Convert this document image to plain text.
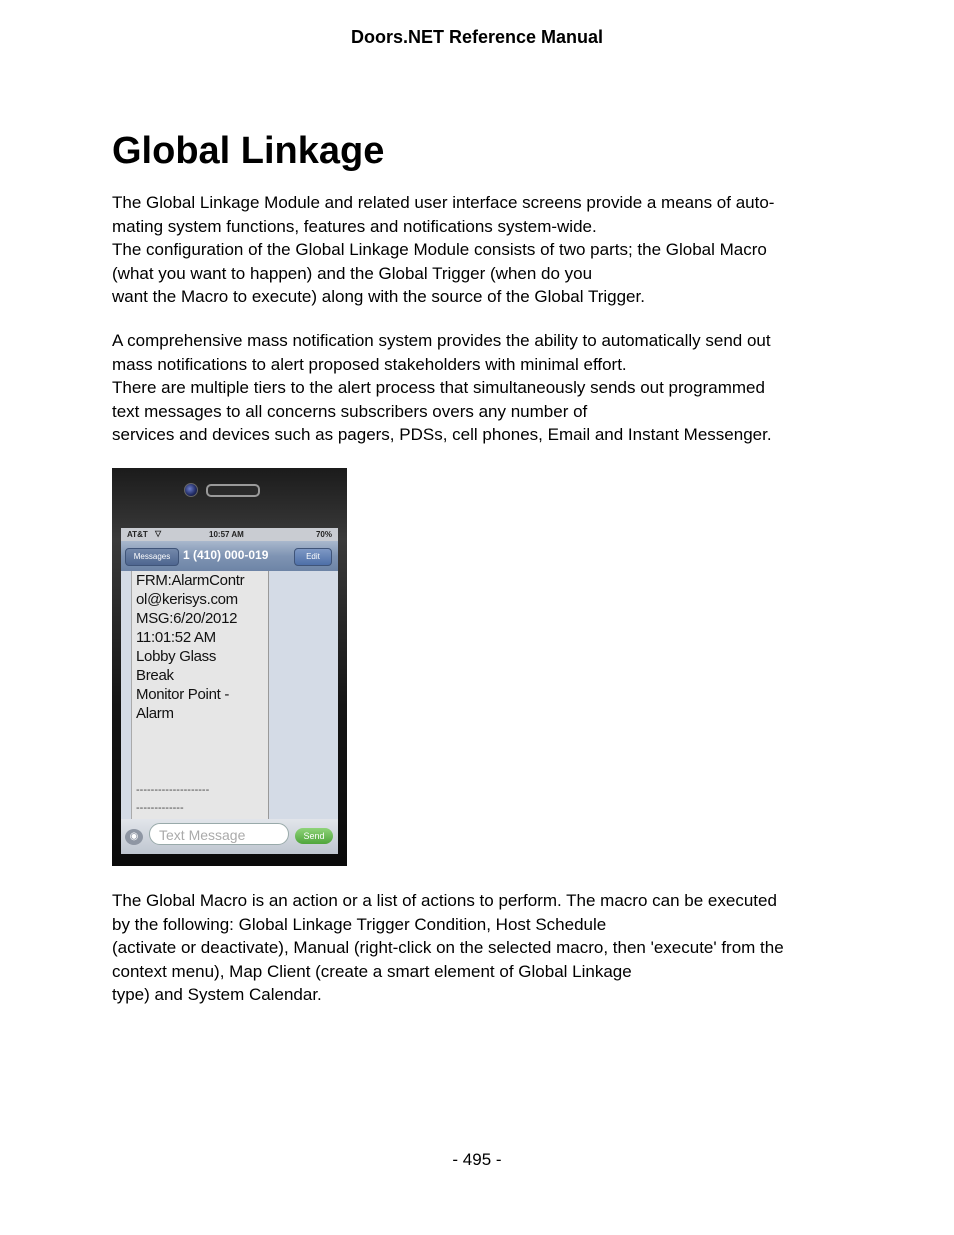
Doors.NET Reference Manual
Global Linkage
The Global Linkage Module and related user interface screens provide a means of auto-
mating system functions, features and notifications system-wide.
The configuration of the Global Linkage Module consists of two parts; the Global Macro
(what you want to happen) and the Global Trigger (when do you
want the Macro to execute) along with the source of the Global Trigger.
A comprehensive mass notification system provides the ability to automatically send out
mass notifications to alert proposed stakeholders with minimal effort.
There are multiple tiers to the alert process that simultaneously sends out programmed
text messages to all concerns subscribers overs any number of
services and devices such as pagers, PDSs, cell phones, Email and Instant Messenger.
AT&T ▽	10:57 AM	70%
Messages	1 (410) 000-019	Edit
FRM:AlarmContr
ol@kerisys.com
MSG:6/20/2012
11:01:52 AM
Lobby Glass
Break
Monitor Point -
Alarm
--------------------
-------------
◉	Text Message	Send
The Global Macro is an action or a list of actions to perform. The macro can be executed
by the following: Global Linkage Trigger Condition, Host Schedule
(activate or deactivate), Manual (right-click on the selected macro, then 'execute' from the
context menu), Map Client (create a smart element of Global Linkage
type) and System Calendar.
- 495 -
